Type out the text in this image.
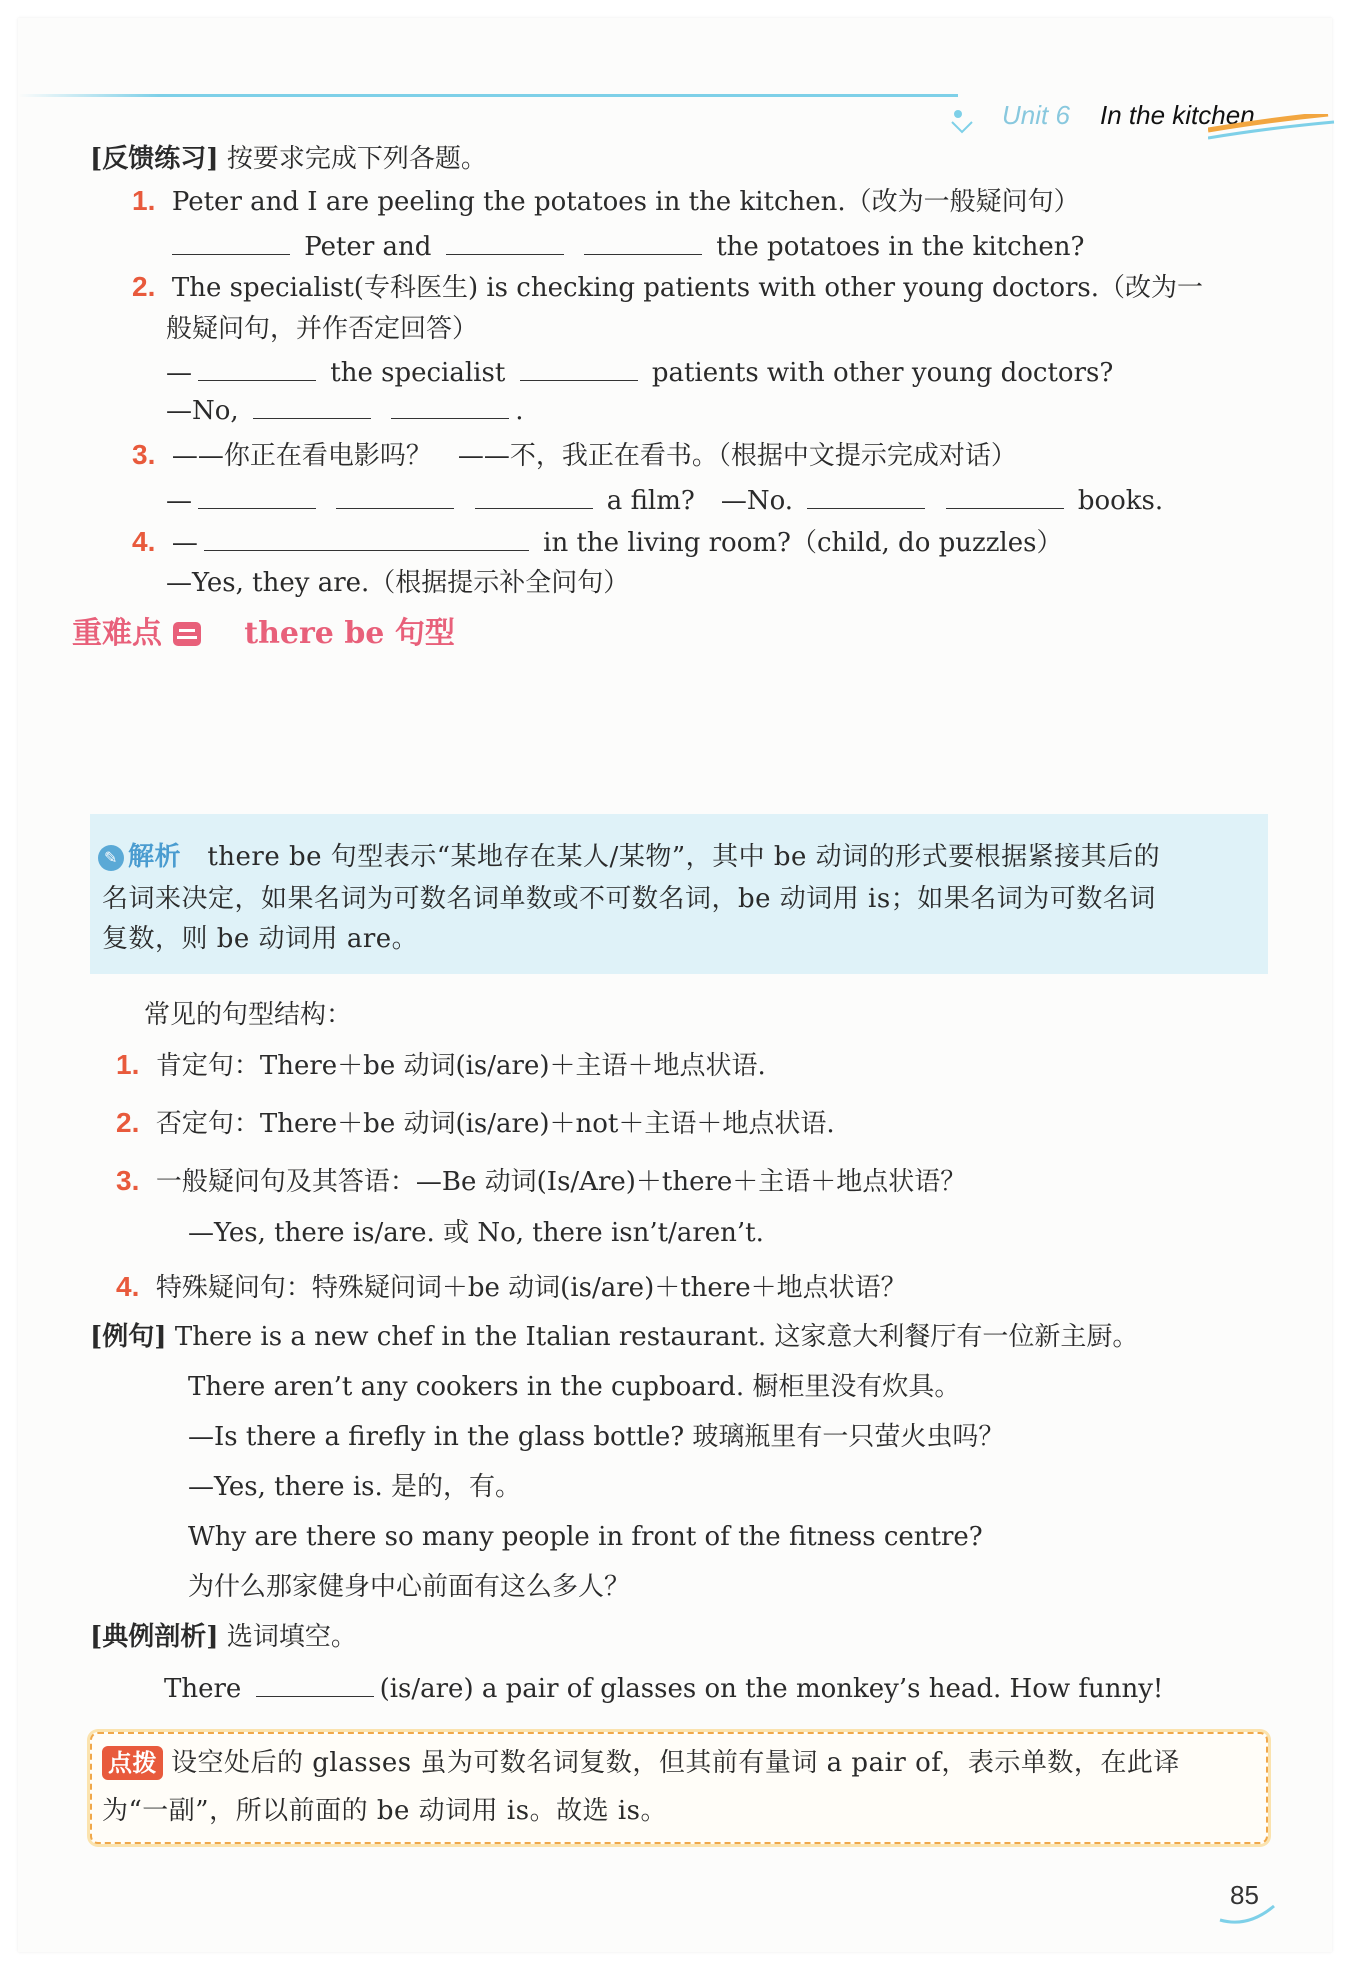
Unit 6 In the kitchen
[反馈练习] 按要求完成下列各题。
1. Peter and I are peeling the potatoes in the kitchen.（改为一般疑问句）
Peter and	the potatoes in the kitchen?
2. The specialist(专科医生) is checking patients with other young doctors.（改为一
般疑问句，并作否定回答）
—	the specialist	patients with other young doctors?
—No,	.
3. ——你正在看电影吗？　——不，我正在看书。（根据中文提示完成对话）
—	a film?　—No.	books.
4. —	in the living room?（child, do puzzles）
—Yes, they are.（根据提示补全问句）
重难点	there be 句型
✎ 解析 there be 句型表示“某地存在某人/某物”，其中 be 动词的形式要根据紧接其后的
名词来决定，如果名词为可数名词单数或不可数名词，be 动词用 is；如果名词为可数名词
复数，则 be 动词用 are。
常见的句型结构：
1. 肯定句：There＋be 动词(is/are)＋主语＋地点状语.
2. 否定句：There＋be 动词(is/are)＋not＋主语＋地点状语.
3. 一般疑问句及其答语：—Be 动词(Is/Are)＋there＋主语＋地点状语？
—Yes, there is/are. 或 No, there isn’t/aren’t.
4. 特殊疑问句：特殊疑问词＋be 动词(is/are)＋there＋地点状语？
[例句] There is a new chef in the Italian restaurant. 这家意大利餐厅有一位新主厨。
There aren’t any cookers in the cupboard. 橱柜里没有炊具。
—Is there a firefly in the glass bottle? 玻璃瓶里有一只萤火虫吗？
—Yes, there is. 是的，有。
Why are there so many people in front of the fitness centre?
为什么那家健身中心前面有这么多人？
[典例剖析] 选词填空。
There	(is/are) a pair of glasses on the monkey’s head. How funny!
点拨 设空处后的 glasses 虽为可数名词复数，但其前有量词 a pair of，表示单数，在此译
为“一副”，所以前面的 be 动词用 is。故选 is。
85
